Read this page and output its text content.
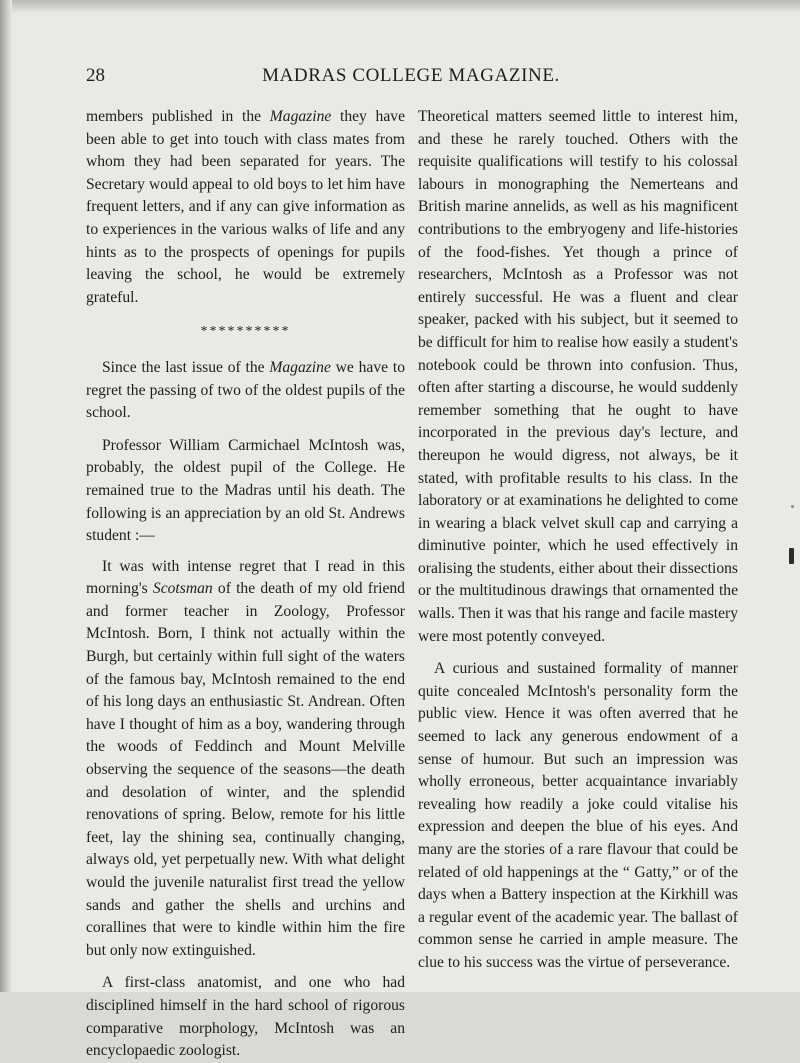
28	MADRAS COLLEGE MAGAZINE.

members published in the Magazine they have been able to get into touch with class mates from whom they had been separated for years. The Secretary would appeal to old boys to let him have frequent letters, and if any can give information as to experiences in the various walks of life and any hints as to the prospects of openings for pupils leaving the school, he would be extremely grateful.

**********

Since the last issue of the Magazine we have to regret the passing of two of the oldest pupils of the school.

Professor William Carmichael McIntosh was, probably, the oldest pupil of the College. He remained true to the Madras until his death. The following is an appreciation by an old St. Andrews student :—

It was with intense regret that I read in this morning's Scotsman of the death of my old friend and former teacher in Zoology, Professor McIntosh. Born, I think not actually within the Burgh, but certainly within full sight of the waters of the famous bay, McIntosh remained to the end of his long days an enthusiastic St. Andrean. Often have I thought of him as a boy, wandering through the woods of Feddinch and Mount Melville observing the sequence of the seasons—the death and desolation of winter, and the splendid renovations of spring. Below, remote for his little feet, lay the shining sea, continually changing, always old, yet perpetually new. With what delight would the juvenile naturalist first tread the yellow sands and gather the shells and urchins and corallines that were to kindle within him the fire but only now extinguished.

A first-class anatomist, and one who had disciplined himself in the hard school of rigorous comparative morphology, McIntosh was an encyclopaedic zoologist.

Theoretical matters seemed little to interest him, and these he rarely touched. Others with the requisite qualifications will testify to his colossal labours in monographing the Nemerteans and British marine annelids, as well as his magnificent contributions to the embryogeny and life-histories of the food-fishes. Yet though a prince of researchers, McIntosh as a Professor was not entirely successful. He was a fluent and clear speaker, packed with his subject, but it seemed to be difficult for him to realise how easily a student's notebook could be thrown into confusion. Thus, often after starting a discourse, he would suddenly remember something that he ought to have incorporated in the previous day's lecture, and thereupon he would digress, not always, be it stated, with profitable results to his class. In the laboratory or at examinations he delighted to come in wearing a black velvet skull cap and carrying a diminutive pointer, which he used effectively in oralising the students, either about their dissections or the multitudinous drawings that ornamented the walls. Then it was that his range and facile mastery were most potently conveyed.

A curious and sustained formality of manner quite concealed McIntosh's personality form the public view. Hence it was often averred that he seemed to lack any generous endowment of a sense of humour. But such an impression was wholly erroneous, better acquaintance invariably revealing how readily a joke could vitalise his expression and deepen the blue of his eyes. And many are the stories of a rare flavour that could be related of old happenings at the “ Gatty,” or of the days when a Battery inspection at the Kirkhill was a regular event of the academic year. The ballast of common sense he carried in ample measure. The clue to his success was the virtue of perseverance.
